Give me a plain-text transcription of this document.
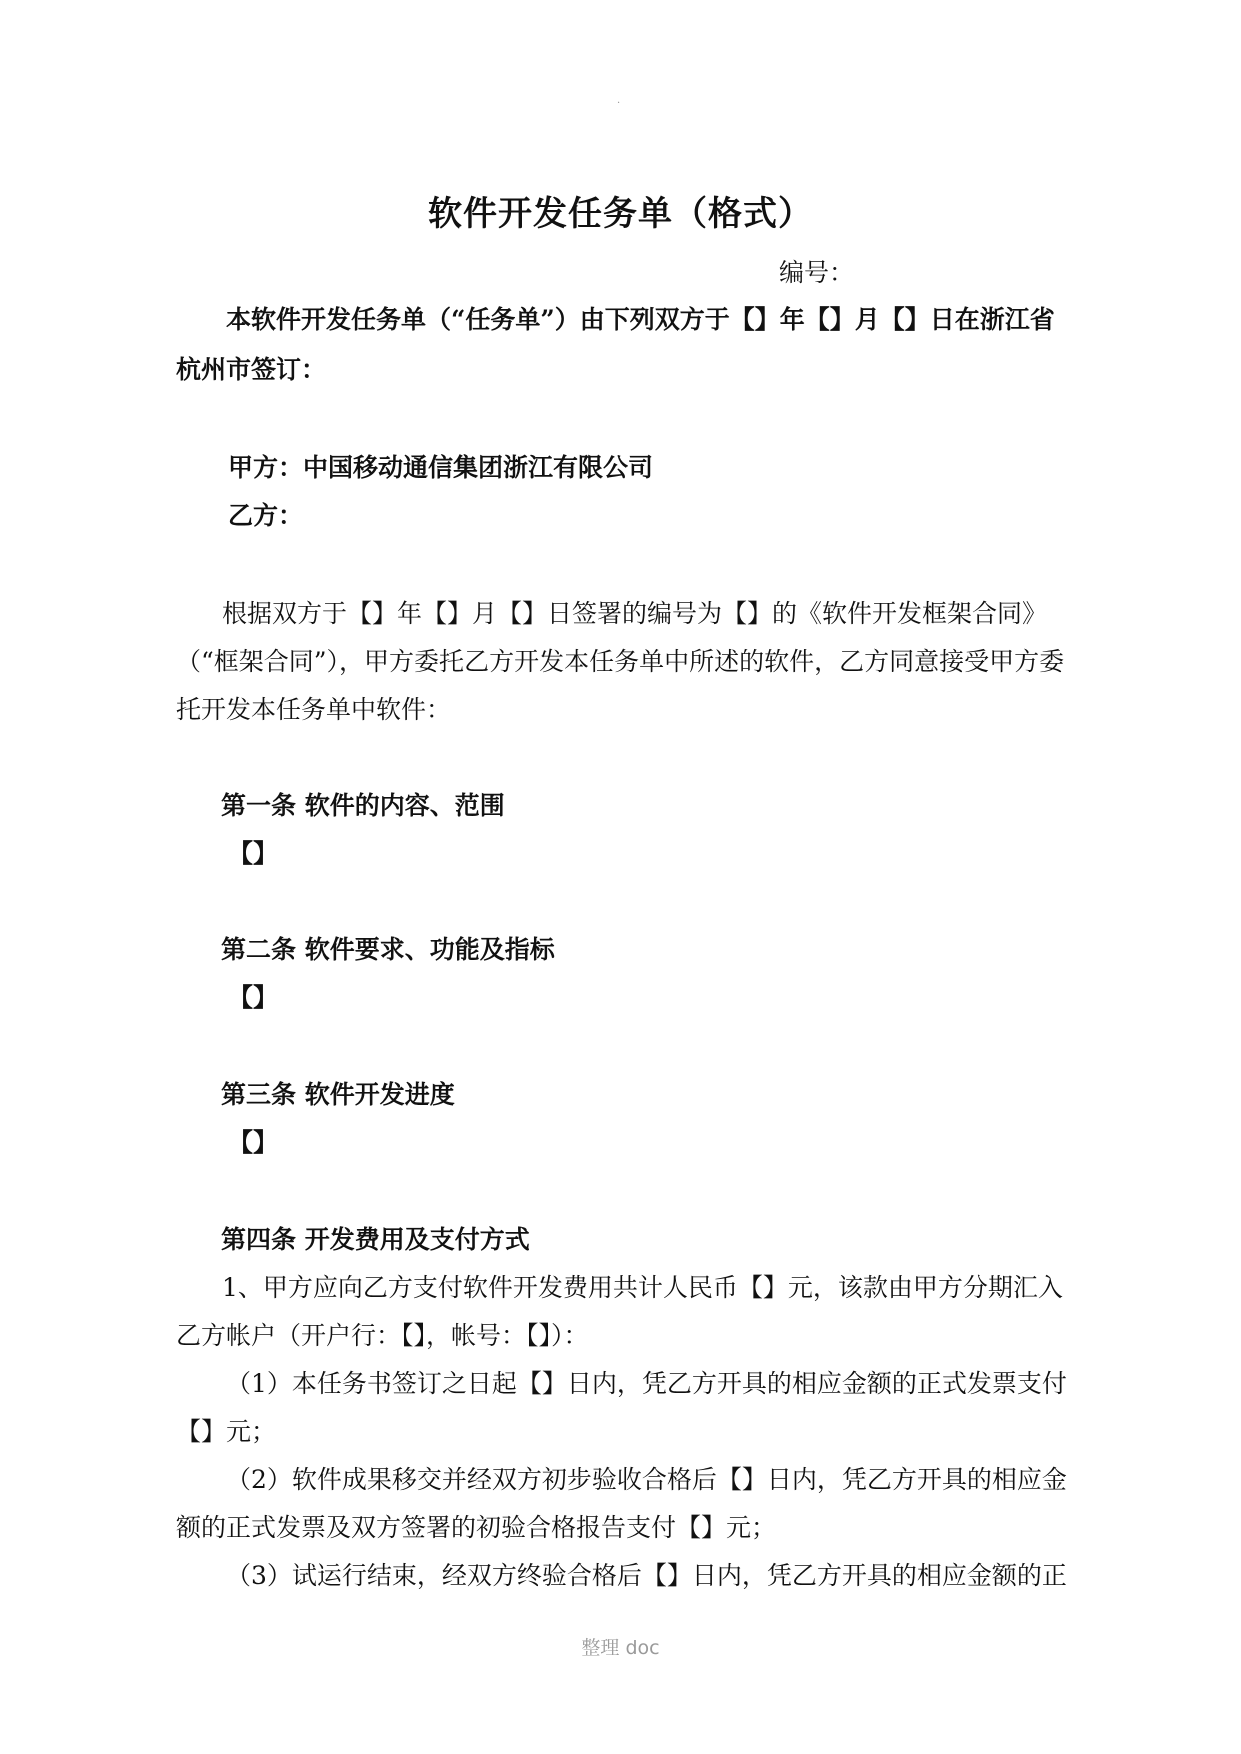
·
软件开发任务单（格式）
编号：
本软件开发任务单（“任务单”）由下列双方于【】年【】月【】日在浙江省
杭州市签订：
甲方：中国移动通信集团浙江有限公司
乙方：
根据双方于【】年【】月【】日签署的编号为【】的《软件开发框架合同》
（“框架合同”），甲方委托乙方开发本任务单中所述的软件，乙方同意接受甲方委
托开发本任务单中软件：
第一条 软件的内容、范围
【】
第二条 软件要求、功能及指标
【】
第三条 软件开发进度
【】
第四条 开发费用及支付方式
1、甲方应向乙方支付软件开发费用共计人民币【】元，该款由甲方分期汇入
乙方帐户（开户行：【】，帐号：【】）：
（1）本任务书签订之日起【】日内，凭乙方开具的相应金额的正式发票支付
【】元；
（2）软件成果移交并经双方初步验收合格后【】日内，凭乙方开具的相应金
额的正式发票及双方签署的初验合格报告支付【】元；
（3）试运行结束，经双方终验合格后【】日内，凭乙方开具的相应金额的正
整理 doc
